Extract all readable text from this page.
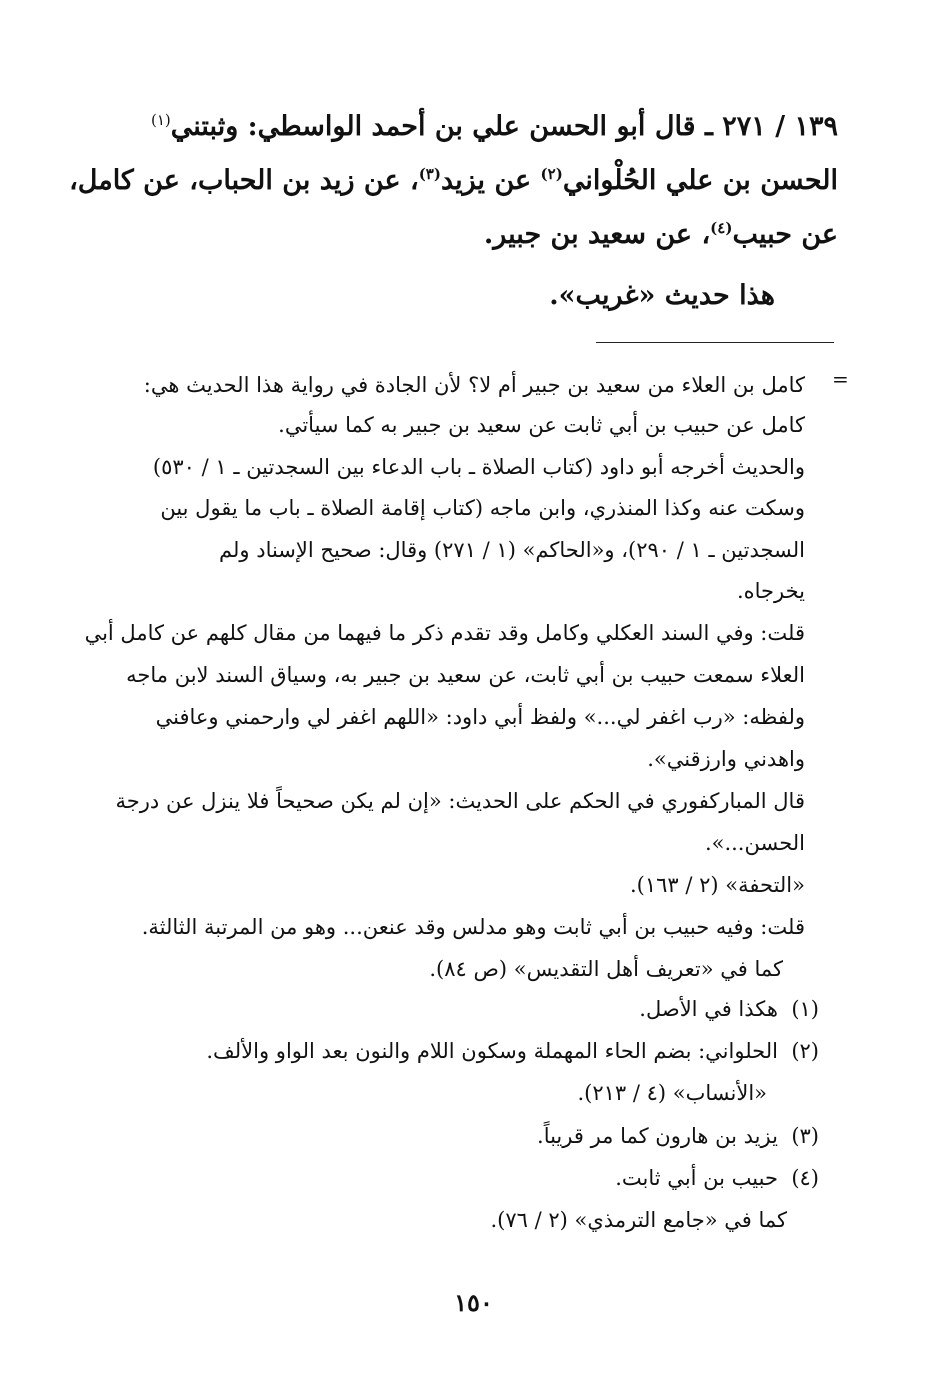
١٣٩ / ٢٧١ ـ قال أبو الحسن علي بن أحمد الواسطي: وثبتني$^{(١)}$
الحسن بن علي الحُلْواني$^{(٢)}$ عن يزيد$^{(٣)}$، عن زيد بن الحباب، عن كامل،
عن حبيب$^{(٤)}$، عن سعيد بن جبير.
هذا حديث «غريب».
=
كامل بن العلاء من سعيد بن جبير أم لا؟ لأن الجادة في رواية هذا الحديث هي:
كامل عن حبيب بن أبي ثابت عن سعيد بن جبير به كما سيأتي.
والحديث أخرجه أبو داود (كتاب الصلاة ـ باب الدعاء بين السجدتين ـ ١ / ٥٣٠)
وسكت عنه وكذا المنذري، وابن ماجه (كتاب إقامة الصلاة ـ باب ما يقول بين
السجدتين ـ ١ / ٢٩٠)، و«الحاكم» (١ / ٢٧١) وقال: صحيح الإسناد ولم
يخرجاه.
قلت: وفي السند العكلي وكامل وقد تقدم ذكر ما فيهما من مقال كلهم عن كامل أبي
العلاء سمعت حبيب بن أبي ثابت، عن سعيد بن جبير به، وسياق السند لابن ماجه
ولفظه: «رب اغفر لي...» ولفظ أبي داود: «اللهم اغفر لي وارحمني وعافني
واهدني وارزقني».
قال المباركفوري في الحكم على الحديث: «إن لم يكن صحيحاً فلا ينزل عن درجة
الحسن...».
«التحفة» (٢ / ١٦٣).
قلت: وفيه حبيب بن أبي ثابت وهو مدلس وقد عنعن... وهو من المرتبة الثالثة.
كما في «تعريف أهل التقديس» (ص ٨٤).
(١)  هكذا في الأصل.
(٢)  الحلواني: بضم الحاء المهملة وسكون اللام والنون بعد الواو والألف.
«الأنساب» (٤ / ٢١٣).
(٣)  يزيد بن هارون كما مر قريباً.
(٤)  حبيب بن أبي ثابت.
كما في «جامع الترمذي» (٢ / ٧٦).
١٥٠
